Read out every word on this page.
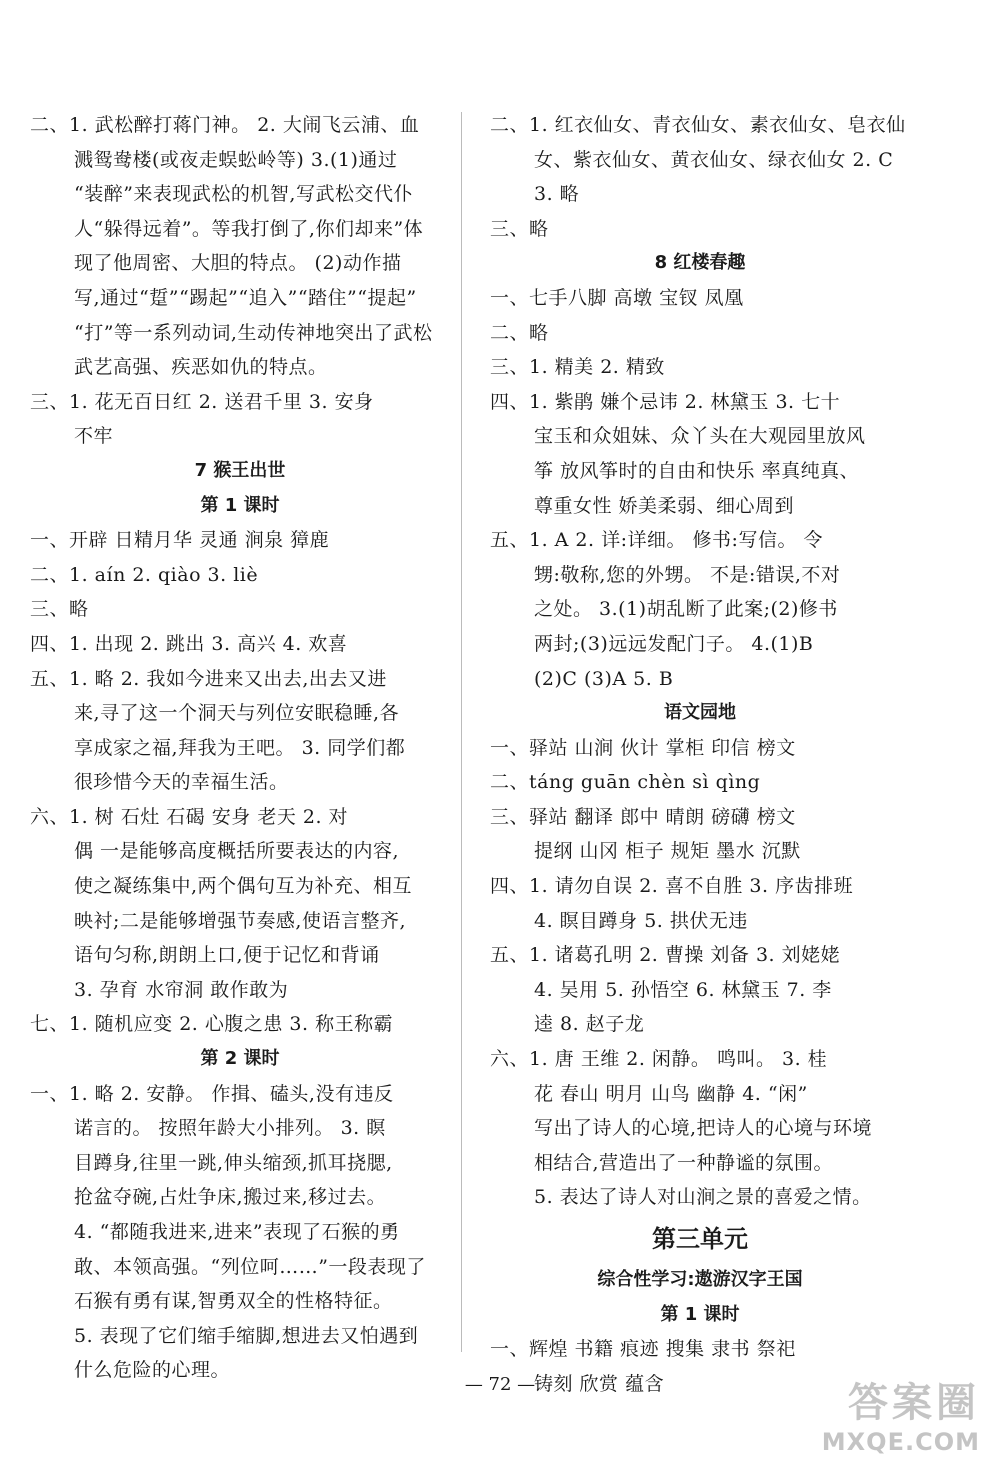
二、1. 武松醉打蒋门神。 2. 大闹飞云浦、血
溅鸳鸯楼(或夜走蜈蚣岭等) 3.(1)通过
“装醉”来表现武松的机智,写武松交代仆
人“躲得远着”。等我打倒了,你们却来”体
现了他周密、大胆的特点。 (2)动作描
写,通过“踅”“踢起”“追入”“踏住”“提起”
“打”等一系列动词,生动传神地突出了武松
武艺高强、疾恶如仇的特点。
三、1. 花无百日红 2. 送君千里 3. 安身
不牢
7 猴王出世
第 1 课时
一、开辟 日精月华 灵通 涧泉 獐鹿
二、1. aín 2. qiào 3. liè
三、略
四、1. 出现 2. 跳出 3. 高兴 4. 欢喜
五、1. 略 2. 我如今进来又出去,出去又进
来,寻了这一个洞天与列位安眠稳睡,各
享成家之福,拜我为王吧。 3. 同学们都
很珍惜今天的幸福生活。
六、1. 树 石灶 石碣 安身 老天 2. 对
偶 一是能够高度概括所要表达的内容,
使之凝练集中,两个偶句互为补充、相互
映衬;二是能够增强节奏感,使语言整齐,
语句匀称,朗朗上口,便于记忆和背诵
3. 孕育 水帘洞 敢作敢为
七、1. 随机应变 2. 心腹之患 3. 称王称霸
第 2 课时
一、1. 略 2. 安静。 作揖、磕头,没有违反
诺言的。 按照年龄大小排列。 3. 瞑
目蹲身,往里一跳,伸头缩颈,抓耳挠腮,
抢盆夺碗,占灶争床,搬过来,移过去。
4. “都随我进来,进来”表现了石猴的勇
敢、本领高强。“列位呵……”一段表现了
石猴有勇有谋,智勇双全的性格特征。
5. 表现了它们缩手缩脚,想进去又怕遇到
什么危险的心理。
二、1. 红衣仙女、青衣仙女、素衣仙女、皂衣仙
女、紫衣仙女、黄衣仙女、绿衣仙女 2. C
3. 略
三、略
8 红楼春趣
一、七手八脚 高墩 宝钗 凤凰
二、略
三、1. 精美 2. 精致
四、1. 紫鹃 嫌个忌讳 2. 林黛玉 3. 七十
宝玉和众姐妹、众丫头在大观园里放风
筝 放风筝时的自由和快乐 率真纯真、
尊重女性 娇美柔弱、细心周到
五、1. A 2. 详:详细。 修书:写信。 令
甥:敬称,您的外甥。 不是:错误,不对
之处。 3.(1)胡乱断了此案;(2)修书
两封;(3)远远发配门子。 4.(1)B
(2)C (3)A 5. B
语文园地
一、驿站 山涧 伙计 掌柜 印信 榜文
二、táng guān chèn sì qìng
三、驿站 翻译 郎中 晴朗 磅礴 榜文
提纲 山冈 柜子 规矩 墨水 沉默
四、1. 请勿自误 2. 喜不自胜 3. 序齿排班
4. 瞑目蹲身 5. 拱伏无违
五、1. 诸葛孔明 2. 曹操 刘备 3. 刘姥姥
4. 吴用 5. 孙悟空 6. 林黛玉 7. 李
逵 8. 赵子龙
六、1. 唐 王维 2. 闲静。 鸣叫。 3. 桂
花 春山 明月 山鸟 幽静 4. “闲”
写出了诗人的心境,把诗人的心境与环境
相结合,营造出了一种静谧的氛围。
5. 表达了诗人对山涧之景的喜爱之情。
第三单元
综合性学习:遨游汉字王国
第 1 课时
一、辉煌 书籍 痕迹 搜集 隶书 祭祀
铸刻 欣赏 蕴含
— 72 —	答案圈
MXQE.COM
